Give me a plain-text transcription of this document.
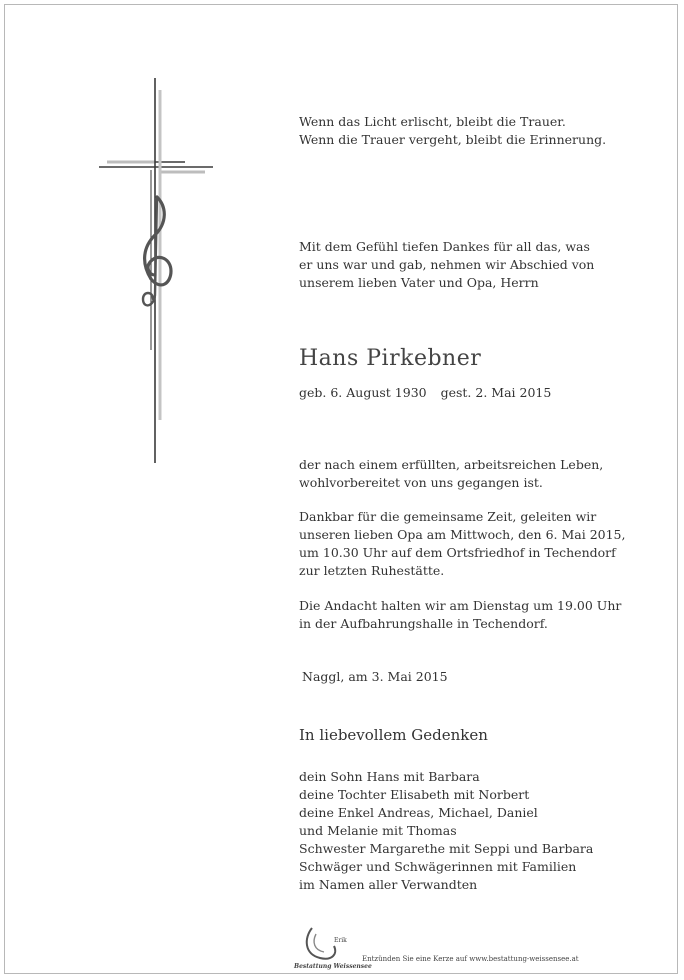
Wenn das Licht erlischt, bleibt die Trauer.
Wenn die Trauer vergeht, bleibt die Erinnerung.
Mit dem Gefühl tiefen Dankes für all das, was
er uns war und gab, nehmen wir Abschied von
unserem lieben Vater und Opa, Herrn
Hans Pirkebner
geb. 6. August 1930 gest. 2. Mai 2015
der nach einem erfüllten, arbeitsreichen Leben,
wohlvorbereitet von uns gegangen ist.
Dankbar für die gemeinsame Zeit, geleiten wir
unseren lieben Opa am Mittwoch, den 6. Mai 2015,
um 10.30 Uhr auf dem Ortsfriedhof in Techendorf
zur letzten Ruhestätte.
Die Andacht halten wir am Dienstag um 19.00 Uhr
in der Aufbahrungshalle in Techendorf.
Naggl, am 3. Mai 2015
In liebevollem Gedenken
dein Sohn Hans mit Barbara
deine Tochter Elisabeth mit Norbert
deine Enkel Andreas, Michael, Daniel
und Melanie mit Thomas
Schwester Margarethe mit Seppi und Barbara
Schwäger und Schwägerinnen mit Familien
im Namen aller Verwandten
Erik
Bestattung Weissensee
Entzünden Sie eine Kerze auf www.bestattung-weissensee.at
